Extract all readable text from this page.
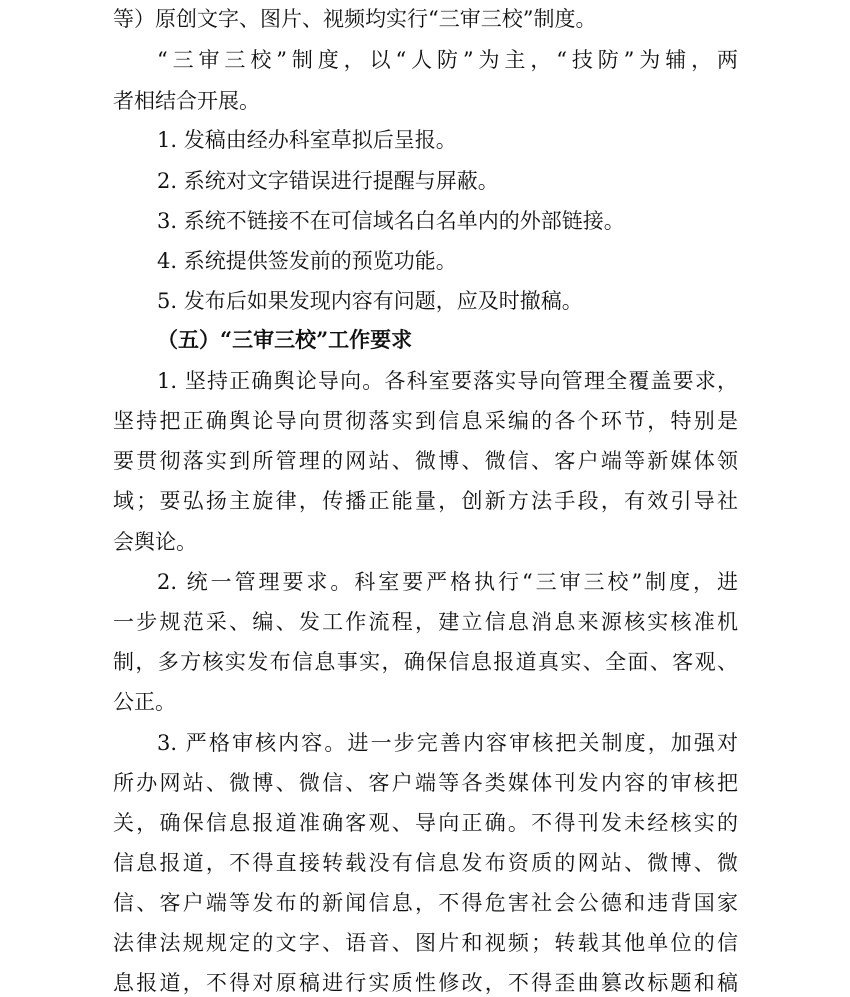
等）原创文字、图片、视频均实行“三审三校”制度。
“三审三校”制度，以“人防”为主，“技防”为辅，两
者相结合开展。
1. 发稿由经办科室草拟后呈报。
2. 系统对文字错误进行提醒与屏蔽。
3. 系统不链接不在可信域名白名单内的外部链接。
4. 系统提供签发前的预览功能。
5. 发布后如果发现内容有问题，应及时撤稿。
（五）“三审三校”工作要求
1. 坚持正确舆论导向。各科室要落实导向管理全覆盖要求，
坚持把正确舆论导向贯彻落实到信息采编的各个环节，特别是
要贯彻落实到所管理的网站、微博、微信、客户端等新媒体领
域；要弘扬主旋律，传播正能量，创新方法手段，有效引导社
会舆论。
2. 统一管理要求。科室要严格执行“三审三校”制度，进
一步规范采、编、发工作流程，建立信息消息来源核实核准机
制，多方核实发布信息事实，确保信息报道真实、全面、客观、
公正。
3. 严格审核内容。进一步完善内容审核把关制度，加强对
所办网站、微博、微信、客户端等各类媒体刊发内容的审核把
关，确保信息报道准确客观、导向正确。不得刊发未经核实的
信息报道，不得直接转载没有信息发布资质的网站、微博、微
信、客户端等发布的新闻信息，不得危害社会公德和违背国家
法律法规规定的文字、语音、图片和视频；转载其他单位的信
息报道，不得对原稿进行实质性修改，不得歪曲篡改标题和稿
